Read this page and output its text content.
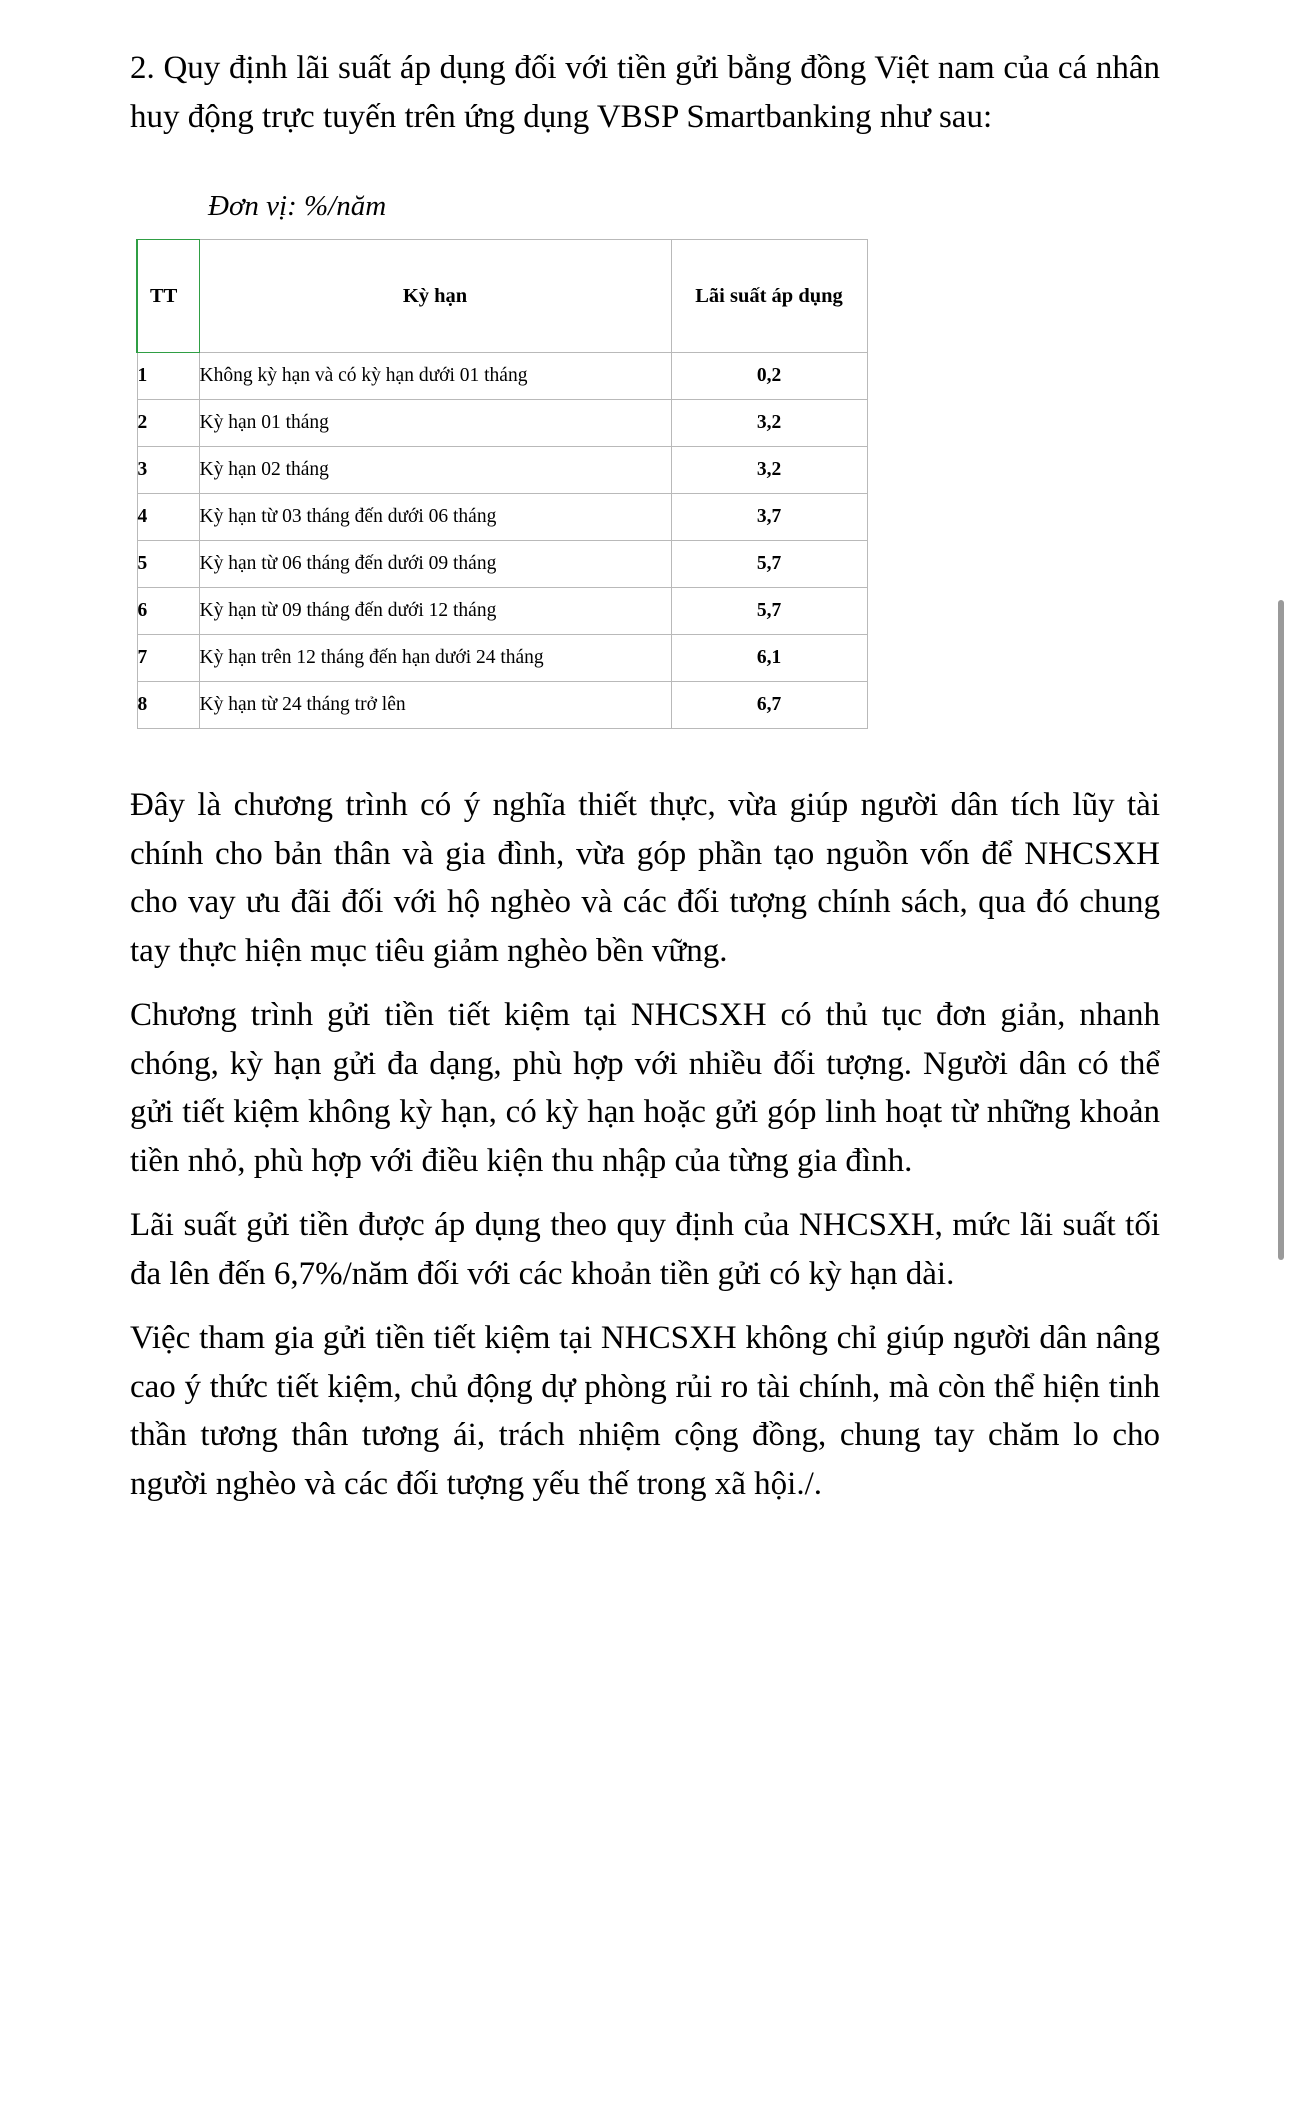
2. Quy định lãi suất áp dụng đối với tiền gửi bằng đồng Việt nam của cá nhân huy động trực tuyến trên ứng dụng VBSP Smartbanking như sau:

Đơn vị: %/năm

TT	Kỳ hạn	Lãi suất áp dụng
1	Không kỳ hạn và có kỳ hạn dưới 01 tháng	0,2
2	Kỳ hạn 01 tháng	3,2
3	Kỳ hạn 02 tháng	3,2
4	Kỳ hạn từ 03 tháng đến dưới 06 tháng	3,7
5	Kỳ hạn từ 06 tháng đến dưới 09 tháng	5,7
6	Kỳ hạn từ 09 tháng đến dưới 12 tháng	5,7
7	Kỳ hạn trên 12 tháng đến hạn dưới 24 tháng	6,1
8	Kỳ hạn từ 24 tháng trở lên	6,7

Đây là chương trình có ý nghĩa thiết thực, vừa giúp người dân tích lũy tài chính cho bản thân và gia đình, vừa góp phần tạo nguồn vốn để NHCSXH cho vay ưu đãi đối với hộ nghèo và các đối tượng chính sách, qua đó chung tay thực hiện mục tiêu giảm nghèo bền vững.

Chương trình gửi tiền tiết kiệm tại NHCSXH có thủ tục đơn giản, nhanh chóng, kỳ hạn gửi đa dạng, phù hợp với nhiều đối tượng. Người dân có thể gửi tiết kiệm không kỳ hạn, có kỳ hạn hoặc gửi góp linh hoạt từ những khoản tiền nhỏ, phù hợp với điều kiện thu nhập của từng gia đình.

Lãi suất gửi tiền được áp dụng theo quy định của NHCSXH, mức lãi suất tối đa lên đến 6,7%/năm đối với các khoản tiền gửi có kỳ hạn dài.

Việc tham gia gửi tiền tiết kiệm tại NHCSXH không chỉ giúp người dân nâng cao ý thức tiết kiệm, chủ động dự phòng rủi ro tài chính, mà còn thể hiện tinh thần tương thân tương ái, trách nhiệm cộng đồng, chung tay chăm lo cho người nghèo và các đối tượng yếu thế trong xã hội./.
